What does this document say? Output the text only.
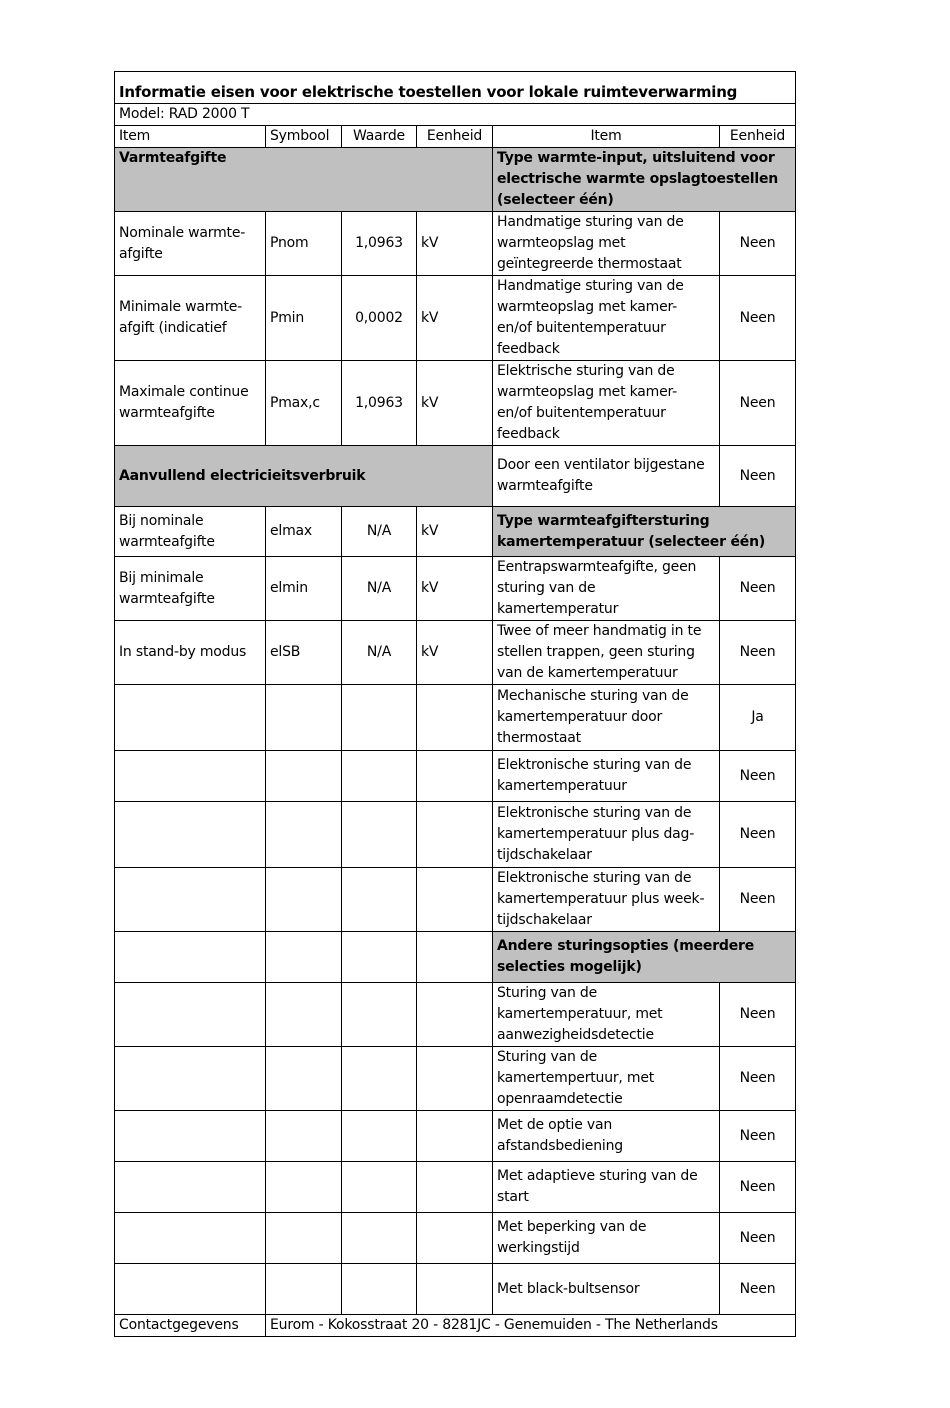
Informatie eisen voor elektrische toestellen voor lokale ruimteverwarming					
Model: RAD 2000 T					
Item	Symbool	Waarde	Eenheid	Item	Eenheid
Varmteafgifte				Type warmte-input, uitsluitend voor electrische warmte opslagtoestellen (selecteer één)	
Nominale warmte-afgifte	Pnom	1,0963	kV	Handmatige sturing van de warmteopslag met geïntegreerde thermostaat	Neen
Minimale warmte-afgift (indicatief	Pmin	0,0002	kV	Handmatige sturing van de warmteopslag met kamer- en/of buitentemperatuur feedback	Neen
Maximale continue warmteafgifte	Pmax,c	1,0963	kV	Elektrische sturing van de warmteopslag met kamer- en/of buitentemperatuur feedback	Neen
Aanvullend electricieitsverbruik				Door een ventilator bijgestane warmteafgifte	Neen
Bij nominale warmteafgifte	elmax	N/A	kV	Type warmteafgiftersturing kamertemperatuur (selecteer één)	
Bij minimale warmteafgifte	elmin	N/A	kV	Eentrapswarmteafgifte, geen sturing van de kamertemperatur	Neen
In stand-by modus	elSB	N/A	kV	Twee of meer handmatig in te stellen trappen, geen sturing van de kamertemperatuur	Neen
				Mechanische sturing van de kamertemperatuur door thermostaat	Ja
				Elektronische sturing van de kamertemperatuur	Neen
				Elektronische sturing van de kamertemperatuur plus dag-tijdschakelaar	Neen
				Elektronische sturing van de kamertemperatuur plus week-tijdschakelaar	Neen
				Andere sturingsopties (meerdere selecties mogelijk)	
				Sturing van de kamertemperatuur, met aanwezigheidsdetectie	Neen
				Sturing van de kamertempertuur, met openraamdetectie	Neen
				Met de optie van afstandsbediening	Neen
				Met adaptieve sturing van de start	Neen
				Met beperking van de werkingstijd	Neen
				Met black-bultsensor	Neen
Contactgegevens	Eurom - Kokosstraat 20 - 8281JC - Genemuiden - The Netherlands				
